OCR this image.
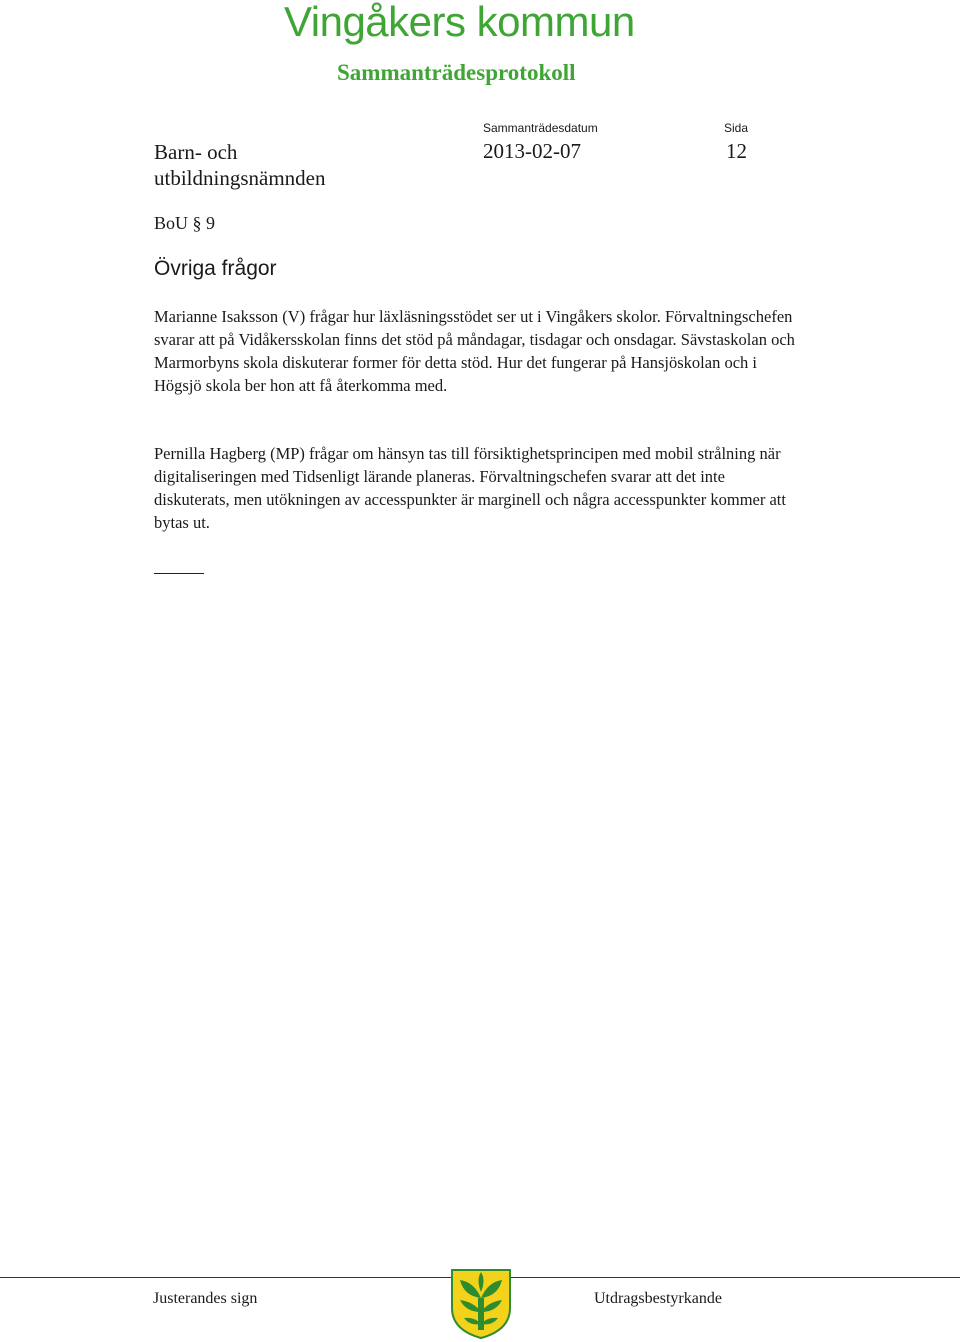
Vingåkers kommun
Sammanträdesprotokoll
Barn- och
utbildningsnämnden
Sammanträdesdatum
2013-02-07
Sida
12
BoU § 9
Övriga frågor

Marianne Isaksson (V) frågar hur läxläsningsstödet ser ut i Vingåkers skolor. Förvaltningschefen svarar att på Vidåkersskolan finns det stöd på måndagar, tisdagar och onsdagar. Sävstaskolan och Marmorbyns skola diskuterar former för detta stöd. Hur det fungerar på Hansjöskolan och i Högsjö skola ber hon att få återkomma med.

Pernilla Hagberg (MP) frågar om hänsyn tas till försiktighetsprincipen med mobil strålning när digitaliseringen med Tidsenligt lärande planeras. Förvaltningschefen svarar att det inte diskuterats, men utökningen av accesspunkter är marginell och några accesspunkter kommer att bytas ut.

Justerandes sign	Utdragsbestyrkande
